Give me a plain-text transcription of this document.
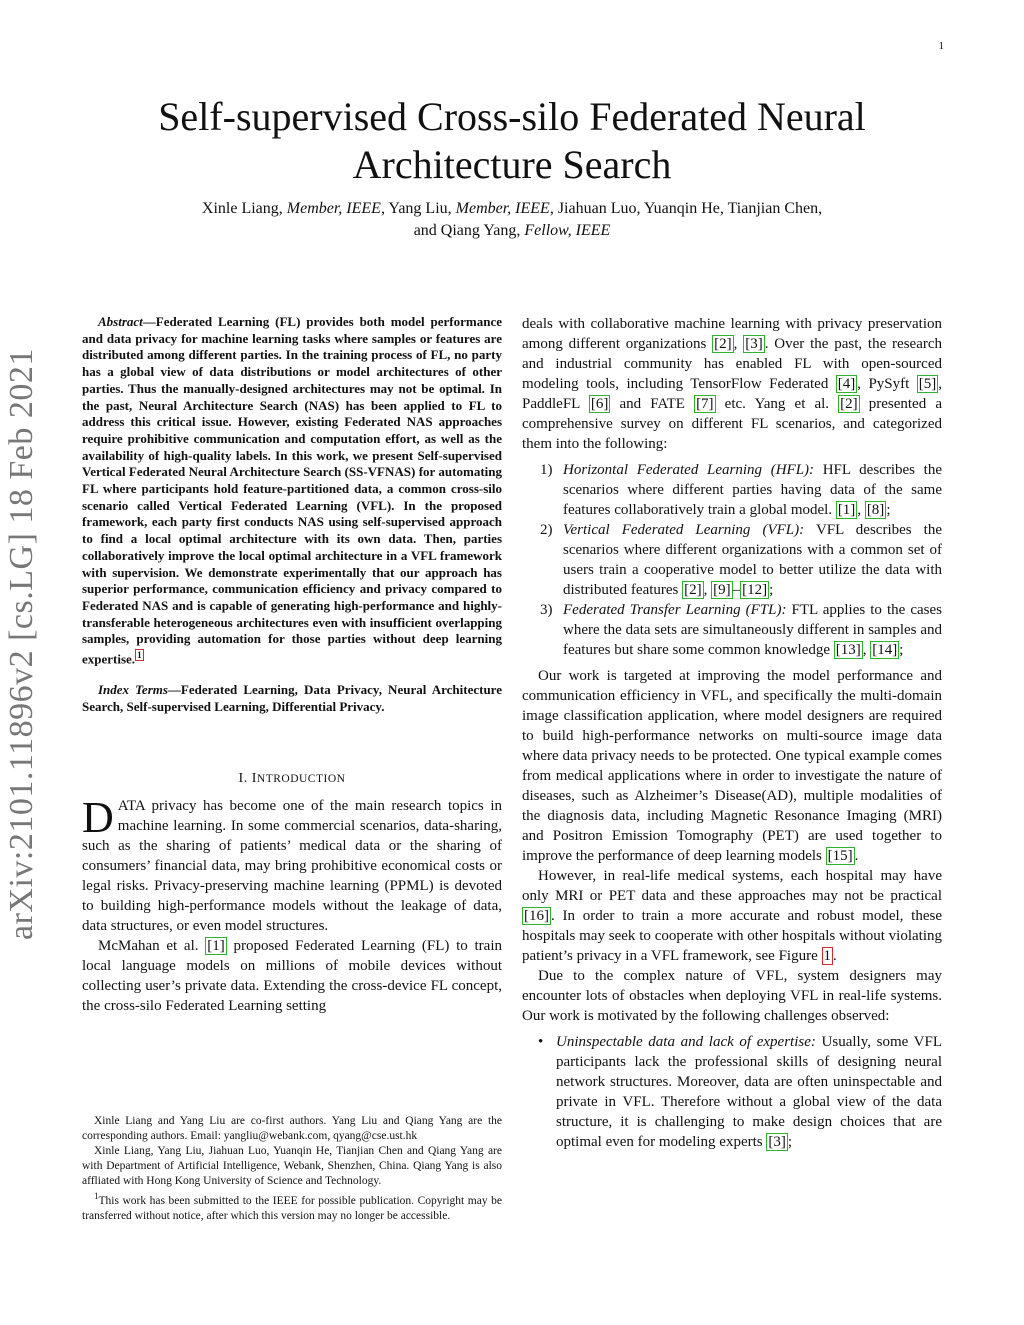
1
arXiv:2101.11896v2 [cs.LG] 18 Feb 2021
Self-supervised Cross-silo Federated Neural
Architecture Search
Xinle Liang, Member, IEEE, Yang Liu, Member, IEEE, Jiahuan Luo, Yuanqin He, Tianjian Chen,
and Qiang Yang, Fellow, IEEE

Abstract—Federated Learning (FL) provides both model performance and data privacy for machine learning tasks where samples or features are distributed among different parties. In the training process of FL, no party has a global view of data distributions or model architectures of other parties. Thus the manually-designed architectures may not be optimal. In the past, Neural Architecture Search (NAS) has been applied to FL to address this critical issue. However, existing Federated NAS approaches require prohibitive communication and computation effort, as well as the availability of high-quality labels. In this work, we present Self-supervised Vertical Federated Neural Architecture Search (SS-VFNAS) for automating FL where participants hold feature-partitioned data, a common cross-silo scenario called Vertical Federated Learning (VFL). In the proposed framework, each party first conducts NAS using self-supervised approach to find a local optimal architecture with its own data. Then, parties collaboratively improve the local optimal architecture in a VFL framework with supervision. We demonstrate experimentally that our approach has superior performance, communication efficiency and privacy compared to Federated NAS and is capable of generating high-performance and highly-transferable heterogeneous architectures even with insufficient overlapping samples, providing automation for those parties without deep learning expertise. $^1$

Index Terms—Federated Learning, Data Privacy, Neural Architecture Search, Self-supervised Learning, Differential Privacy.

I. INTRODUCTION

DATA privacy has become one of the main research topics in machine learning. In some commercial scenarios, data-sharing, such as the sharing of patients’ medical data or the sharing of consumers’ financial data, may bring prohibitive economical costs or legal risks. Privacy-preserving machine learning (PPML) is devoted to building high-performance models without the leakage of data, data structures, or even model structures.

McMahan et al. [1] proposed Federated Learning (FL) to train local language models on millions of mobile devices without collecting user’s private data. Extending the cross-device FL concept, the cross-silo Federated Learning setting

Xinle Liang and Yang Liu are co-first authors. Yang Liu and Qiang Yang are the corresponding authors. Email: yangliu@webank.com, qyang@cse.ust.hk

Xinle Liang, Yang Liu, Jiahuan Luo, Yuanqin He, Tianjian Chen and Qiang Yang are with Department of Artificial Intelligence, Webank, Shenzhen, China. Qiang Yang is also affliated with Hong Kong University of Science and Technology.

$^1$This work has been submitted to the IEEE for possible publication. Copyright may be transferred without notice, after which this version may no longer be accessible.

deals with collaborative machine learning with privacy preservation among different organizations [2] , [3] . Over the past, the research and industrial community has enabled FL with open-sourced modeling tools, including TensorFlow Federated [4] , PySyft [5] , PaddleFL [6] and FATE [7] etc. Yang et al. [2] presented a comprehensive survey on different FL scenarios, and categorized them into the following:

1) Horizontal Federated Learning (HFL): HFL describes the scenarios where different parties having data of the same features collaboratively train a global model. [1] , [8] ;
2) Vertical Federated Learning (VFL): VFL describes the scenarios where different organizations with a common set of users train a cooperative model to better utilize the data with distributed features [2] , [9] – [12] ;
3) Federated Transfer Learning (FTL): FTL applies to the cases where the data sets are simultaneously different in samples and features but share some common knowledge [13] , [14] ;

Our work is targeted at improving the model performance and communication efficiency in VFL, and specifically the multi-domain image classification application, where model designers are required to build high-performance networks on multi-source image data where data privacy needs to be protected. One typical example comes from medical applications where in order to investigate the nature of diseases, such as Alzheimer’s Disease(AD), multiple modalities of the diagnosis data, including Magnetic Resonance Imaging (MRI) and Positron Emission Tomography (PET) are used together to improve the performance of deep learning models [15] .

However, in real-life medical systems, each hospital may have only MRI or PET data and these approaches may not be practical [16] . In order to train a more accurate and robust model, these hospitals may seek to cooperate with other hospitals without violating patient’s privacy in a VFL framework, see Figure 1 .

Due to the complex nature of VFL, system designers may encounter lots of obstacles when deploying VFL in real-life systems. Our work is motivated by the following challenges observed:

• Uninspectable data and lack of expertise: Usually, some VFL participants lack the professional skills of designing neural network structures. Moreover, data are often uninspectable and private in VFL. Therefore without a global view of the data structure, it is challenging to make design choices that are optimal even for modeling experts [3] ;
